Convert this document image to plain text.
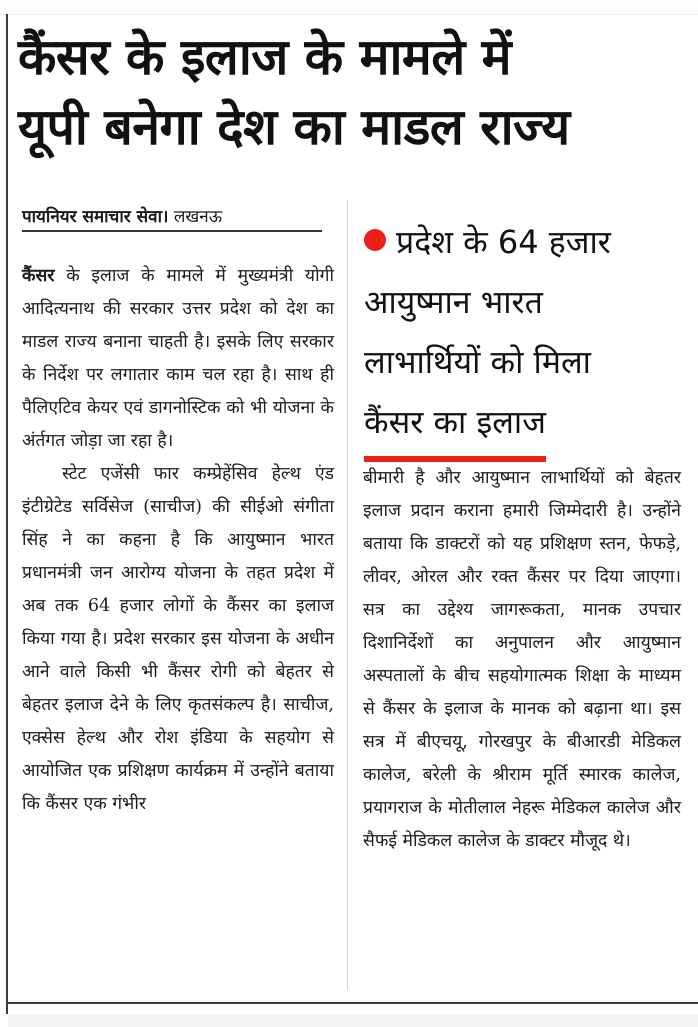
कैंसर के इलाज के मामले में
यूपी बनेगा देश का माडल राज्य
पायनियर समाचार सेवा। लखनऊ

कैंसर के इलाज के मामले में मुख्यमंत्री योगी आदित्यनाथ की सरकार उत्तर प्रदेश को देश का माडल राज्य बनाना चाहती है। इसके लिए सरकार के निर्देश पर लगातार काम चल रहा है। साथ ही पैलिएटिव केयर एवं डागनोस्टिक को भी योजना के अंर्तगत जोड़ा जा रहा है।

स्टेट एजेंसी फार कम्प्रेहेंसिव हेल्थ एंड इंटीग्रेटेड सर्विसेज (साचीज) की सीईओ संगीता सिंह ने का कहना है कि आयुष्मान भारत प्रधानमंत्री जन आरोग्य योजना के तहत प्रदेश में अब तक 64 हजार लोगों के कैंसर का इलाज किया गया है। प्रदेश सरकार इस योजना के अधीन आने वाले किसी भी कैंसर रोगी को बेहतर से बेहतर इलाज देने के लिए कृतसंकल्प है। साचीज, एक्सेस हेल्थ और रोश इंडिया के सहयोग से आयोजित एक प्रशिक्षण कार्यक्रम में उन्होंने बताया कि कैंसर एक गंभीर

प्रदेश के 64 हजार
आयुष्मान भारत
लाभार्थियों को मिला
कैंसर का इलाज

बीमारी है और आयुष्मान लाभार्थियों को बेहतर इलाज प्रदान कराना हमारी जिम्मेदारी है। उन्होंने बताया कि डाक्टरों को यह प्रशिक्षण स्तन, फेफड़े, लीवर, ओरल और रक्त कैंसर पर दिया जाएगा। सत्र का उद्देश्य जागरूकता, मानक उपचार दिशानिर्देशों का अनुपालन और आयुष्मान अस्पतालों के बीच सहयोगात्मक शिक्षा के माध्यम से कैंसर के इलाज के मानक को बढ़ाना था। इस सत्र में बीएचयू, गोरखपुर के बीआरडी मेडिकल कालेज, बरेली के श्रीराम मूर्ति स्मारक कालेज, प्रयागराज के मोतीलाल नेहरू मेडिकल कालेज और सैफई मेडिकल कालेज के डाक्टर मौजूद थे।
